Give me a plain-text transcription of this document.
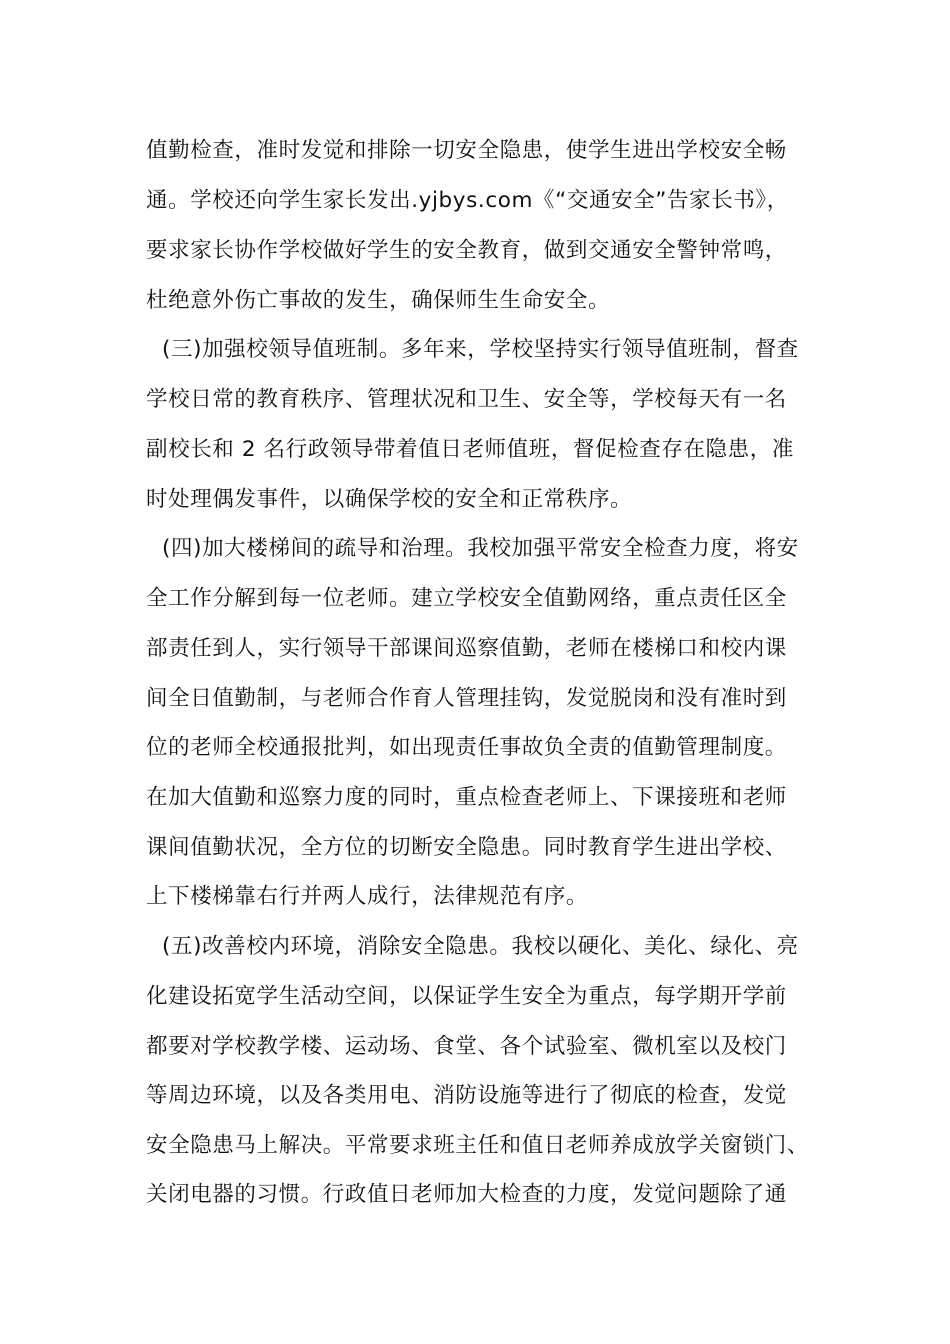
值勤检查，准时发觉和排除一切安全隐患，使学生进出学校安全畅
通。学校还向学生家长发出.yjbys.com《“交通安全”告家长书》，
要求家长协作学校做好学生的安全教育，做到交通安全警钟常鸣，
杜绝意外伤亡事故的发生，确保师生生命安全。
(三)加强校领导值班制。多年来，学校坚持实行领导值班制，督查
学校日常的教育秩序、管理状况和卫生、安全等，学校每天有一名
副校长和 2 名行政领导带着值日老师值班，督促检查存在隐患，准
时处理偶发事件，以确保学校的安全和正常秩序。
(四)加大楼梯间的疏导和治理。我校加强平常安全检查力度，将安
全工作分解到每一位老师。建立学校安全值勤网络，重点责任区全
部责任到人，实行领导干部课间巡察值勤，老师在楼梯口和校内课
间全日值勤制，与老师合作育人管理挂钩，发觉脱岗和没有准时到
位的老师全校通报批判，如出现责任事故负全责的值勤管理制度。
在加大值勤和巡察力度的同时，重点检查老师上、下课接班和老师
课间值勤状况，全方位的切断安全隐患。同时教育学生进出学校、
上下楼梯靠右行并两人成行，法律规范有序。
(五)改善校内环境，消除安全隐患。我校以硬化、美化、绿化、亮
化建设拓宽学生活动空间，以保证学生安全为重点，每学期开学前
都要对学校教学楼、运动场、食堂、各个试验室、微机室以及校门
等周边环境，以及各类用电、消防设施等进行了彻底的检查，发觉
安全隐患马上解决。平常要求班主任和值日老师养成放学关窗锁门、
关闭电器的习惯。行政值日老师加大检查的力度，发觉问题除了通
